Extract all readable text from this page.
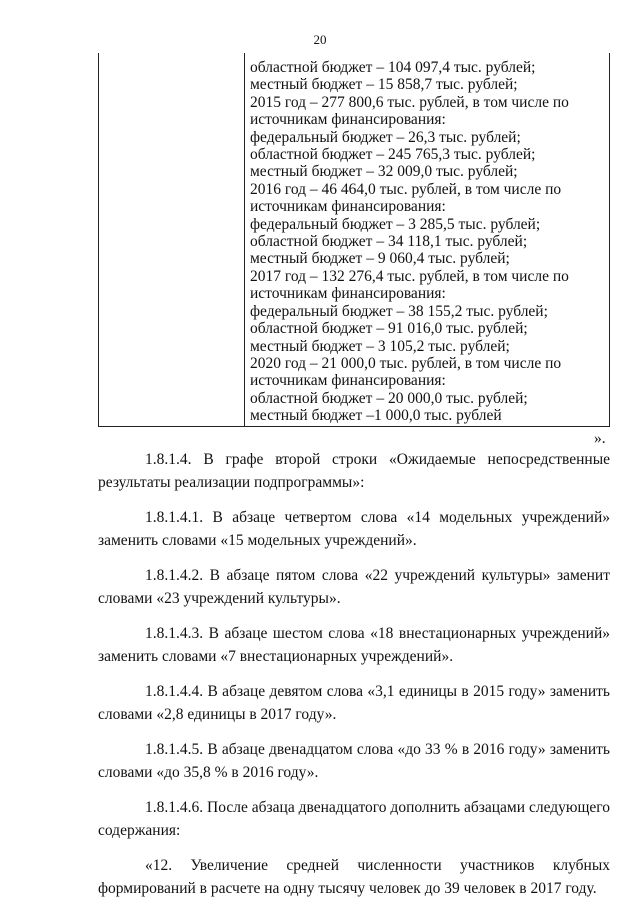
20
областной бюджет – 104 097,4 тыс. рублей;
местный бюджет – 15 858,7 тыс. рублей;
2015 год – 277 800,6 тыс. рублей, в том числе по
источникам финансирования:
федеральный бюджет – 26,3 тыс. рублей;
областной бюджет – 245 765,3 тыс. рублей;
местный бюджет – 32 009,0 тыс. рублей;
2016 год – 46 464,0 тыс. рублей, в том числе по
источникам финансирования:
федеральный бюджет – 3 285,5 тыс. рублей;
областной бюджет – 34 118,1 тыс. рублей;
местный бюджет – 9 060,4 тыс. рублей;
2017 год – 132 276,4 тыс. рублей, в том числе по
источникам финансирования:
федеральный бюджет – 38 155,2 тыс. рублей;
областной бюджет – 91 016,0 тыс. рублей;
местный бюджет – 3 105,2 тыс. рублей;
2020 год – 21 000,0 тыс. рублей, в том числе по
источникам финансирования:
областной бюджет – 20 000,0 тыс. рублей;
местный бюджет –1 000,0 тыс. рублей
».

1.8.1.4. В графе второй строки «Ожидаемые непосредственные результаты реализации подпрограммы»:

1.8.1.4.1. В абзаце четвертом слова «14 модельных учреждений» заменить словами «15 модельных учреждений».

1.8.1.4.2. В абзаце пятом слова «22 учреждений культуры» заменит словами «23 учреждений культуры».

1.8.1.4.3. В абзаце шестом слова «18 внестационарных учреждений» заменить словами «7 внестационарных учреждений».

1.8.1.4.4. В абзаце девятом слова «3,1 единицы в 2015 году» заменить словами «2,8 единицы в 2017 году».

1.8.1.4.5. В абзаце двенадцатом слова «до 33 % в 2016 году» заменить словами «до 35,8 % в 2016 году».

1.8.1.4.6. После абзаца двенадцатого дополнить абзацами следующего содержания:

«12. Увеличение средней численности участников клубных формирований в расчете на одну тысячу человек до 39 человек в 2017 году.
